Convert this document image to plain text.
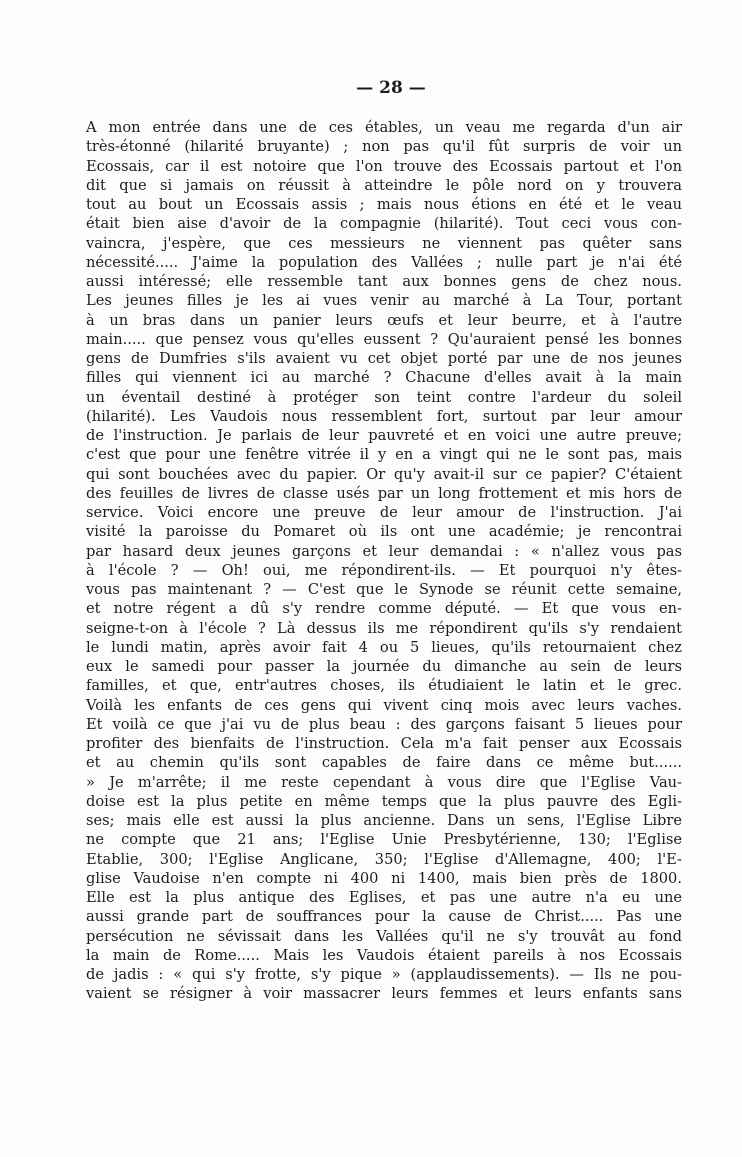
— 28 —
A mon entrée dans une de ces étables, un veau me regarda d'un air
très-étonné (hilarité bruyante) ; non pas qu'il fût surpris de voir un
Ecossais, car il est notoire que l'on trouve des Ecossais partout et l'on
dit que si jamais on réussit à atteindre le pôle nord on y trouvera
tout au bout un Ecossais assis ; mais nous étions en été et le veau
était bien aise d'avoir de la compagnie (hilarité). Tout ceci vous con-
vaincra, j'espère, que ces messieurs ne viennent pas quêter sans
nécessité..... J'aime la population des Vallées ; nulle part je n'ai été
aussi intéressé; elle ressemble tant aux bonnes gens de chez nous.
Les jeunes filles je les ai vues venir au marché à La Tour, portant
à un bras dans un panier leurs œufs et leur beurre, et à l'autre
main..... que pensez vous qu'elles eussent ? Qu'auraient pensé les bonnes
gens de Dumfries s'ils avaient vu cet objet porté par une de nos jeunes
filles qui viennent ici au marché ? Chacune d'elles avait à la main
un éventail destiné à protéger son teint contre l'ardeur du soleil
(hilarité). Les Vaudois nous ressemblent fort, surtout par leur amour
de l'instruction. Je parlais de leur pauvreté et en voici une autre preuve;
c'est que pour une fenêtre vitrée il y en a vingt qui ne le sont pas, mais
qui sont bouchées avec du papier. Or qu'y avait-il sur ce papier? C'étaient
des feuilles de livres de classe usés par un long frottement et mis hors de
service. Voici encore une preuve de leur amour de l'instruction. J'ai
visité la paroisse du Pomaret où ils ont une académie; je rencontrai
par hasard deux jeunes garçons et leur demandai : « n'allez vous pas
à l'école ? — Oh! oui, me répondirent-ils. — Et pourquoi n'y êtes-
vous pas maintenant ? — C'est que le Synode se réunit cette semaine,
et notre régent a dû s'y rendre comme député. — Et que vous en-
seigne-t-on à l'école ? Là dessus ils me répondirent qu'ils s'y rendaient
le lundi matin, après avoir fait 4 ou 5 lieues, qu'ils retournaient chez
eux le samedi pour passer la journée du dimanche au sein de leurs
familles, et que, entr'autres choses, ils étudiaient le latin et le grec.
Voilà les enfants de ces gens qui vivent cinq mois avec leurs vaches.
Et voilà ce que j'ai vu de plus beau : des garçons faisant 5 lieues pour
profiter des bienfaits de l'instruction. Cela m'a fait penser aux Ecossais
et au chemin qu'ils sont capables de faire dans ce même but......
» Je m'arrête; il me reste cependant à vous dire que l'Eglise Vau-
doise est la plus petite en même temps que la plus pauvre des Egli-
ses; mais elle est aussi la plus ancienne. Dans un sens, l'Eglise Libre
ne compte que 21 ans; l'Eglise Unie Presbytérienne, 130; l'Eglise
Etablie, 300; l'Eglise Anglicane, 350; l'Eglise d'Allemagne, 400; l'E-
glise Vaudoise n'en compte ni 400 ni 1400, mais bien près de 1800.
Elle est la plus antique des Eglises, et pas une autre n'a eu une
aussi grande part de souffrances pour la cause de Christ..... Pas une
persécution ne sévissait dans les Vallées qu'il ne s'y trouvât au fond
la main de Rome..... Mais les Vaudois étaient pareils à nos Ecossais
de jadis : « qui s'y frotte, s'y pique » (applaudissements). — Ils ne pou-
vaient se résigner à voir massacrer leurs femmes et leurs enfants sans
